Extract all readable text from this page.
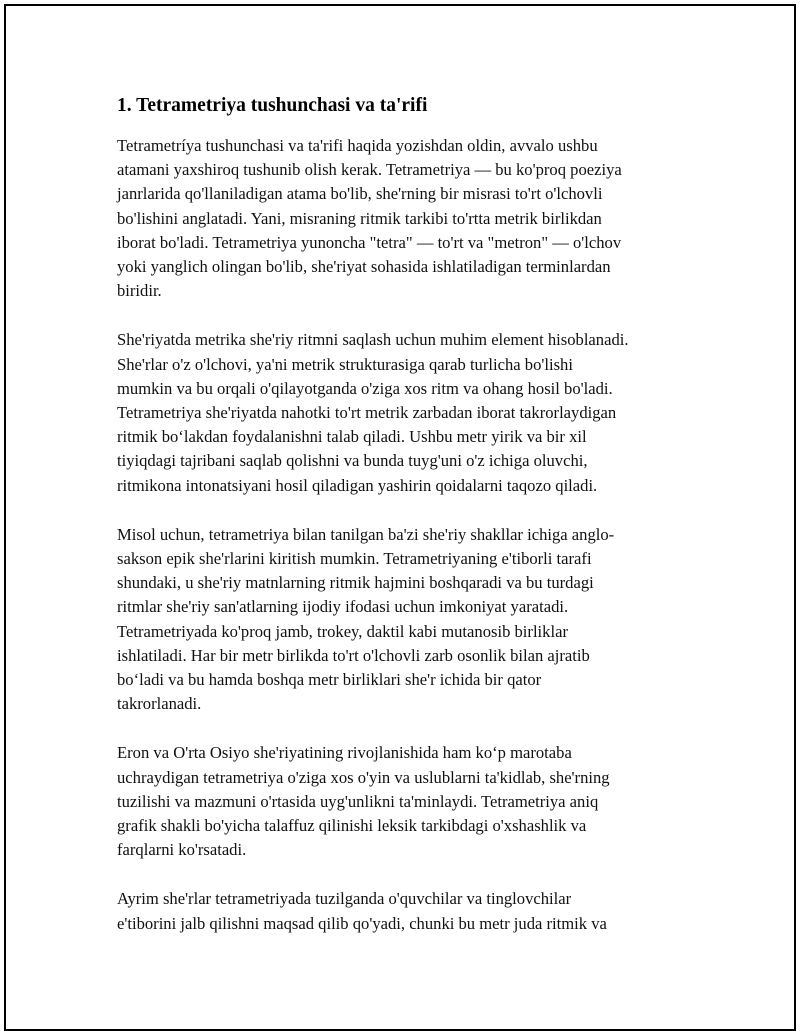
1. Tetrametriya tushunchasi va ta'rifi
Tetrametríya tushunchasi va ta'rifi haqida yozishdan oldin, avvalo ushbu
atamani yaxshiroq tushunib olish kerak. Tetrametriya — bu ko'proq poeziya
janrlarida qo'llaniladigan atama bo'lib, she'rning bir misrasi to'rt o'lchovli
bo'lishini anglatadi. Yani, misraning ritmik tarkibi to'rtta metrik birlikdan
iborat bo'ladi. Tetrametriya yunoncha "tetra" — to'rt va "metron" — o'lchov
yoki yanglich olingan bo'lib, she'riyat sohasida ishlatiladigan terminlardan
biridir.
She'riyatda metrika she'riy ritmni saqlash uchun muhim element hisoblanadi.
She'rlar o'z o'lchovi, ya'ni metrik strukturasiga qarab turlicha bo'lishi
mumkin va bu orqali o'qilayotganda o'ziga xos ritm va ohang hosil bo'ladi.
Tetrametriya she'riyatda nahotki to'rt metrik zarbadan iborat takrorlaydigan
ritmik bo‘lakdan foydalanishni talab qiladi. Ushbu metr yirik va bir xil
tiyiqdagi tajribani saqlab qolishni va bunda tuyg'uni o'z ichiga oluvchi,
ritmikona intonatsiyani hosil qiladigan yashirin qoidalarni taqozo qiladi.
Misol uchun, tetrametriya bilan tanilgan ba'zi she'riy shakllar ichiga anglo-
sakson epik she'rlarini kiritish mumkin. Tetrametriyaning e'tiborli tarafi
shundaki, u she'riy matnlarning ritmik hajmini boshqaradi va bu turdagi
ritmlar she'riy san'atlarning ijodiy ifodasi uchun imkoniyat yaratadi.
Tetrametriyada ko'proq jamb, trokey, daktil kabi mutanosib birliklar
ishlatiladi. Har bir metr birlikda to'rt o'lchovli zarb osonlik bilan ajratib
bo‘ladi va bu hamda boshqa metr birliklari she'r ichida bir qator
takrorlanadi.
Eron va O'rta Osiyo she'riyatining rivojlanishida ham ko‘p marotaba
uchraydigan tetrametriya o'ziga xos o'yin va uslublarni ta'kidlab, she'rning
tuzilishi va mazmuni o'rtasida uyg'unlikni ta'minlaydi. Tetrametriya aniq
grafik shakli bo'yicha talaffuz qilinishi leksik tarkibdagi o'xshashlik va
farqlarni ko'rsatadi.
Ayrim she'rlar tetrametriyada tuzilganda o'quvchilar va tinglovchilar
e'tiborini jalb qilishni maqsad qilib qo'yadi, chunki bu metr juda ritmik va
